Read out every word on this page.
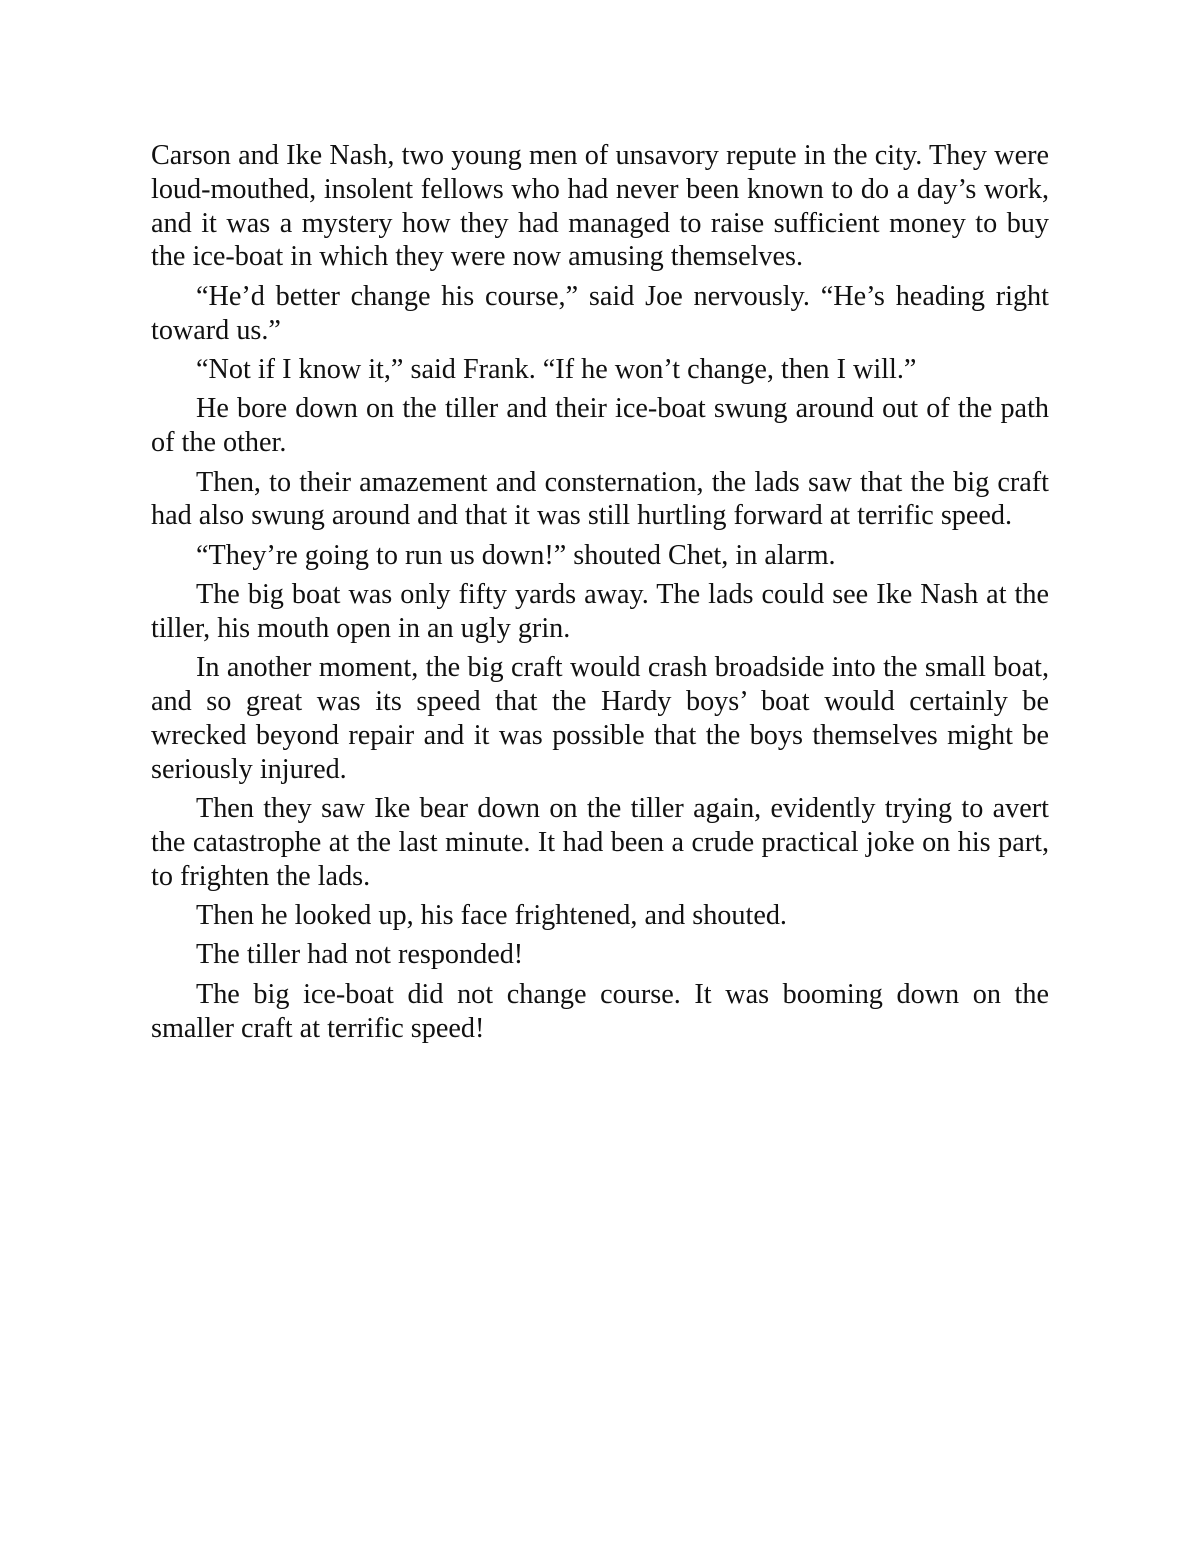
Carson and Ike Nash, two young men of unsavory repute in the city. They were loud-mouthed, insolent fellows who had never been known to do a day’s work, and it was a mystery how they had managed to raise sufficient money to buy the ice-boat in which they were now amusing themselves.

“He’d better change his course,” said Joe nervously. “He’s heading right toward us.”

“Not if I know it,” said Frank. “If he won’t change, then I will.”

He bore down on the tiller and their ice-boat swung around out of the path of the other.

Then, to their amazement and consternation, the lads saw that the big craft had also swung around and that it was still hurtling forward at terrific speed.

“They’re going to run us down!” shouted Chet, in alarm.

The big boat was only fifty yards away. The lads could see Ike Nash at the tiller, his mouth open in an ugly grin.

In another moment, the big craft would crash broadside into the small boat, and so great was its speed that the Hardy boys’ boat would certainly be wrecked beyond repair and it was possible that the boys themselves might be seriously injured.

Then they saw Ike bear down on the tiller again, evidently trying to avert the catastrophe at the last minute. It had been a crude practical joke on his part, to frighten the lads.

Then he looked up, his face frightened, and shouted.

The tiller had not responded!

The big ice-boat did not change course. It was booming down on the smaller craft at terrific speed!
